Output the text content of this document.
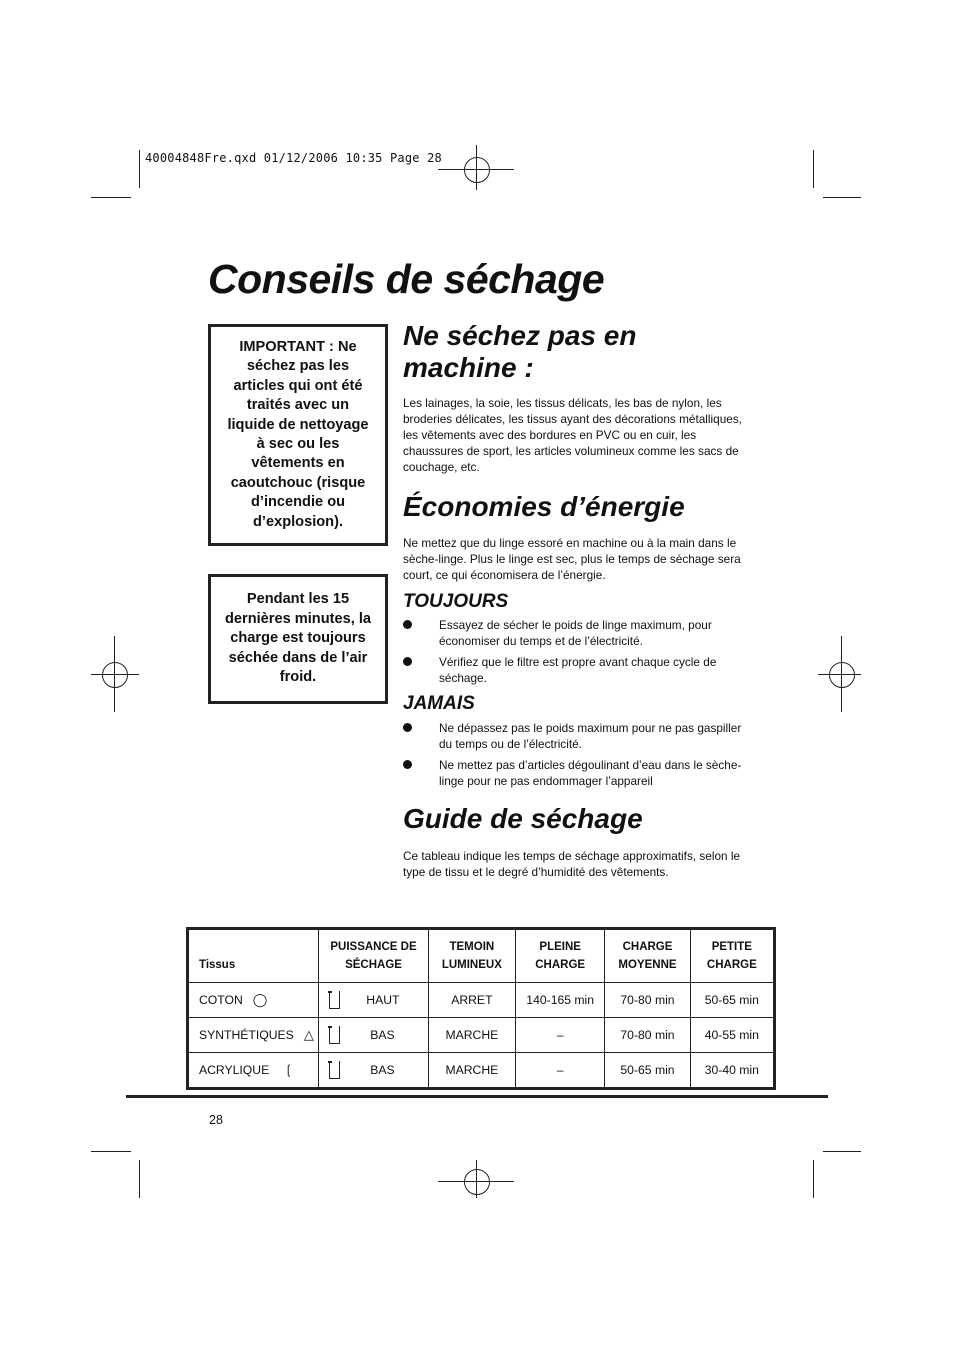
40004848Fre.qxd 01/12/2006 10:35 Page 28
Conseils de séchage
IMPORTANT : Ne séchez pas les articles qui ont été traités avec un liquide de nettoyage à sec ou les vêtements en caoutchouc (risque d’incendie ou d’explosion).
Pendant les 15 dernières minutes, la charge est toujours séchée dans de l’air froid.
Ne séchez pas en machine :
Les lainages, la soie, les tissus délicats, les bas de nylon, les broderies délicates, les tissus ayant des décorations métalliques, les vêtements avec des bordures en PVC ou en cuir, les chaussures de sport, les articles volumineux comme les sacs de couchage, etc.
Économies d’énergie
Ne mettez que du linge essoré en machine ou à la main dans le sèche-linge. Plus le linge est sec, plus le temps de séchage sera court, ce qui économisera de l’énergie.
TOUJOURS
Essayez de sécher le poids de linge maximum, pour économiser du temps et de l’électricité.
Vérifiez que le filtre est propre avant chaque cycle de séchage.
JAMAIS
Ne dépassez pas le poids maximum pour ne pas gaspiller du temps ou de l’électricité.
Ne mettez pas d’articles dégoulinant d’eau dans le sèche-linge pour ne pas endommager l’appareil
Guide de séchage
Ce tableau indique les temps de séchage approximatifs, selon le type de tissu et le degré d’humidité des vêtements.
Tissus	PUISSANCE DE SÉCHAGE	TEMOIN LUMINEUX	PLEINE CHARGE	CHARGE MOYENNE	PETITE CHARGE

COTON ◯	HAUT	ARRET	140-165 min	70-80 min	50-65 min

SYNTHÉTIQUES △	BAS	MARCHE	–	70-80 min	40-55 min

ACRYLIQUE ❲	BAS	MARCHE	–	50-65 min	30-40 min
28
